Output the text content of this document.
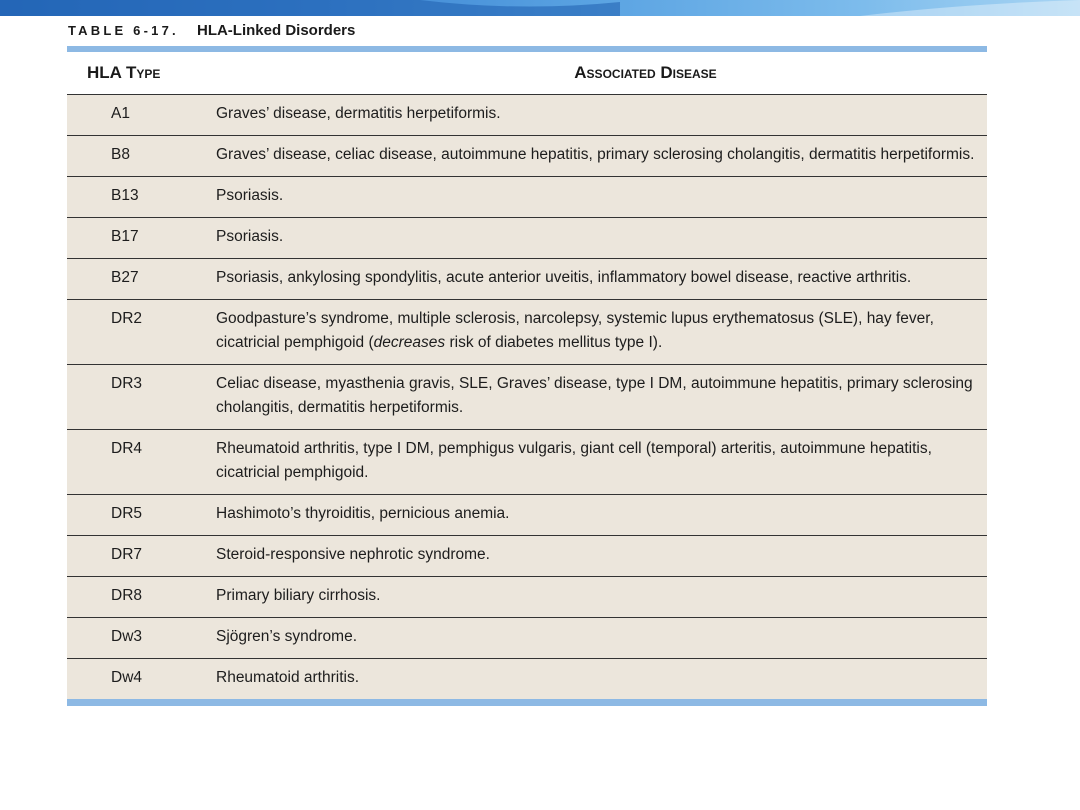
TABLE 6-17. HLA-Linked Disorders
HLA Type	Associated Disease
A1	Graves’ disease, dermatitis herpetiformis.
B8	Graves’ disease, celiac disease, autoimmune hepatitis, primary sclerosing cholangitis, dermatitis herpetiformis.
B13	Psoriasis.
B17	Psoriasis.
B27	Psoriasis, ankylosing spondylitis, acute anterior uveitis, inflammatory bowel disease, reactive arthritis.
DR2	Goodpasture’s syndrome, multiple sclerosis, narcolepsy, systemic lupus erythematosus (SLE), hay fever, cicatricial pemphigoid (decreases risk of diabetes mellitus type I).
DR3	Celiac disease, myasthenia gravis, SLE, Graves’ disease, type I DM, autoimmune hepatitis, primary sclerosing cholangitis, dermatitis herpetiformis.
DR4	Rheumatoid arthritis, type I DM, pemphigus vulgaris, giant cell (temporal) arteritis, autoimmune hepatitis, cicatricial pemphigoid.
DR5	Hashimoto’s thyroiditis, pernicious anemia.
DR7	Steroid-responsive nephrotic syndrome.
DR8	Primary biliary cirrhosis.
Dw3	Sjögren’s syndrome.
Dw4	Rheumatoid arthritis.
